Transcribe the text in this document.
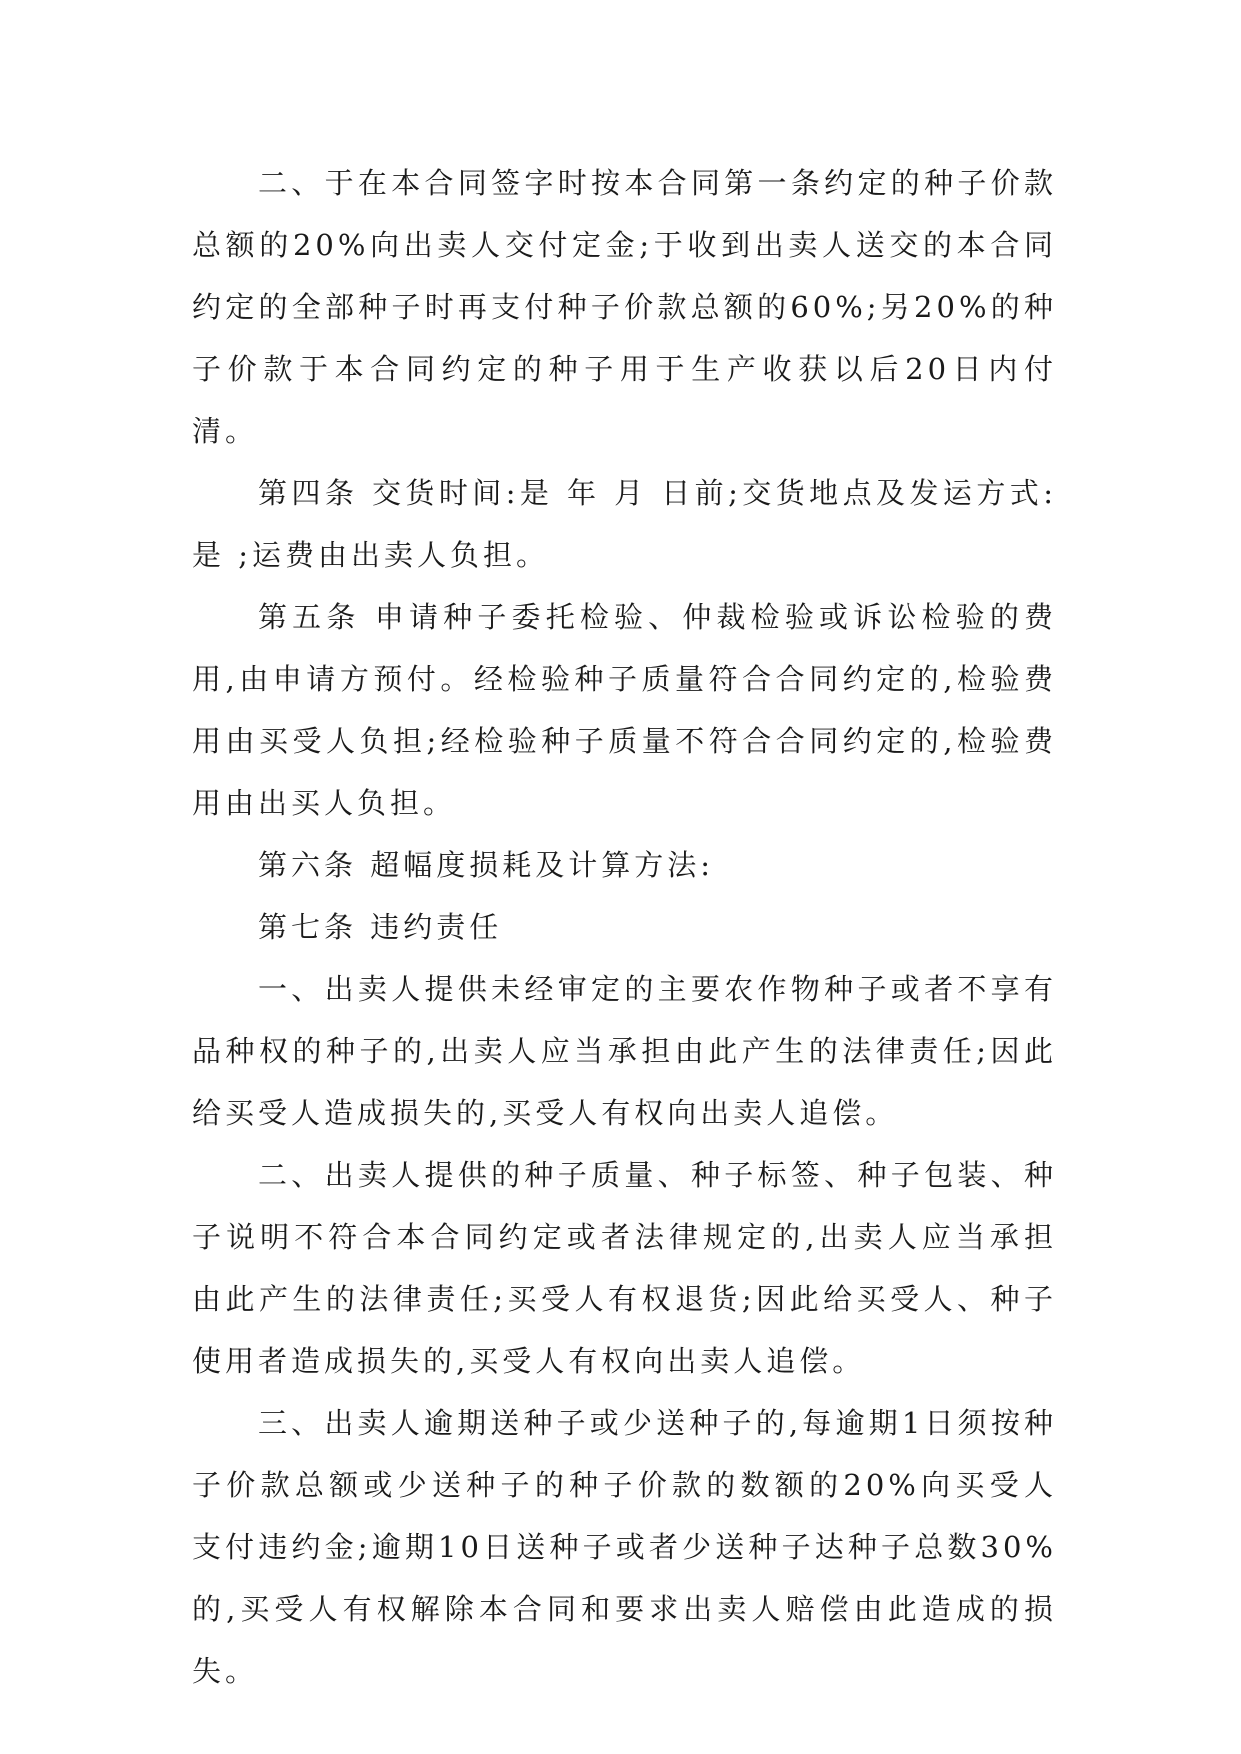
二、于在本合同签字时按本合同第一条约定的种子价款总额的20%向出卖人交付定金;于收到出卖人送交的本合同约定的全部种子时再支付种子价款总额的60%;另20%的种子价款于本合同约定的种子用于生产收获以后20日内付清。

第四条 交货时间:是 年 月 日前;交货地点及发运方式:是 ;运费由出卖人负担。

第五条 申请种子委托检验、仲裁检验或诉讼检验的费用,由申请方预付。经检验种子质量符合合同约定的,检验费用由买受人负担;经检验种子质量不符合合同约定的,检验费用由出买人负担。

第六条 超幅度损耗及计算方法:

第七条 违约责任

一、出卖人提供未经审定的主要农作物种子或者不享有品种权的种子的,出卖人应当承担由此产生的法律责任;因此给买受人造成损失的,买受人有权向出卖人追偿。

二、出卖人提供的种子质量、种子标签、种子包装、种子说明不符合本合同约定或者法律规定的,出卖人应当承担由此产生的法律责任;买受人有权退货;因此给买受人、种子使用者造成损失的,买受人有权向出卖人追偿。

三、出卖人逾期送种子或少送种子的,每逾期1日须按种子价款总额或少送种子的种子价款的数额的20%向买受人支付违约金;逾期10日送种子或者少送种子达种子总数30%的,买受人有权解除本合同和要求出卖人赔偿由此造成的损失。
